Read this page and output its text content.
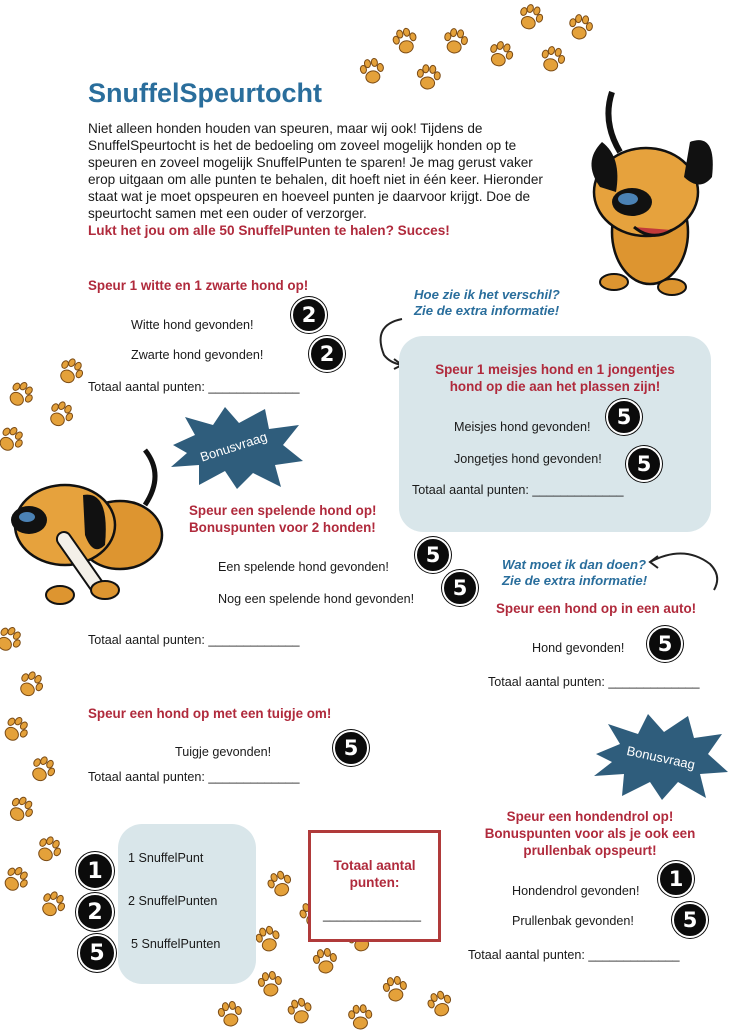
SnuffelSpeurtocht
Niet alleen honden houden van speuren, maar wij ook! Tijdens de SnuffelSpeurtocht is het de bedoeling om zoveel mogelijk honden op te speuren en zoveel mogelijk SnuffelPunten te sparen! Je mag gerust vaker erop uitgaan om alle punten te behalen, dit hoeft niet in één keer. Hieronder staat wat je moet opspeuren en hoeveel punten je daarvoor krijgt. Doe de speurtocht samen met een ouder of verzorger.
Lukt het jou om alle 50 SnuffelPunten te halen? Succes!
Speur 1 witte en 1 zwarte hond op!
Witte hond gevonden!	2
Zwarte hond gevonden!	2
Totaal aantal punten: _____________
Hoe zie ik het verschil?
Zie de extra informatie!
Speur 1 meisjes hond en 1 jongentjes
hond op die aan het plassen zijn!
Meisjes hond gevonden!	5
Jongetjes hond gevonden!	5
Totaal aantal punten: _____________
Bonusvraag
Speur een spelende hond op!
Bonuspunten voor 2 honden!
Een spelende hond gevonden!	5
Nog een spelende hond gevonden!	5
Totaal aantal punten: _____________
Wat moet ik dan doen?
Zie de extra informatie!
Speur een hond op in een auto!
Hond gevonden!	5
Totaal aantal punten: _____________
Speur een hond op met een tuigje om!
Tuigje gevonden!	5
Totaal aantal punten: _____________
Bonusvraag
Speur een hondendrol op!
Bonuspunten voor als je ook een
prullenbak opspeurt!
Hondendrol gevonden!	1
Prullenbak gevonden!	5
Totaal aantal punten: _____________
1
1 SnuffelPunt
2	2 SnuffelPunten
5	5 SnuffelPunten
Totaal aantal
punten:
______________
